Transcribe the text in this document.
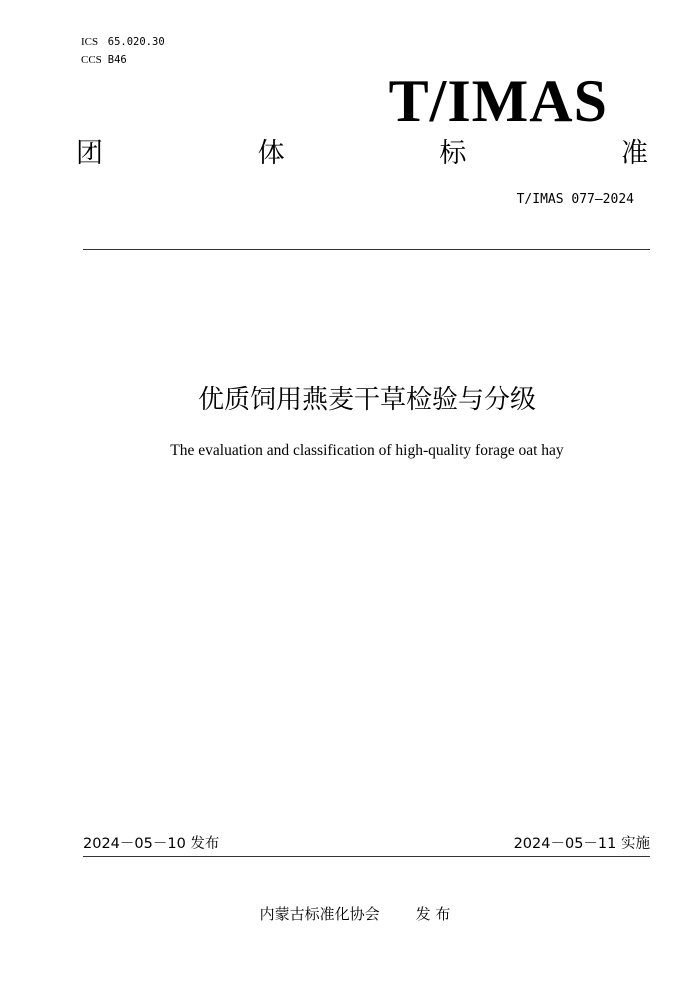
ICS 65.020.30
CCS B46
T/IMAS
团	体	标	准
T/IMAS 077—2024
优质饲用燕麦干草检验与分级
The evaluation and classification of high-quality forage oat hay
2024－05－10 发布	2024－05－11 实施
内蒙古标准化协会 发 布
